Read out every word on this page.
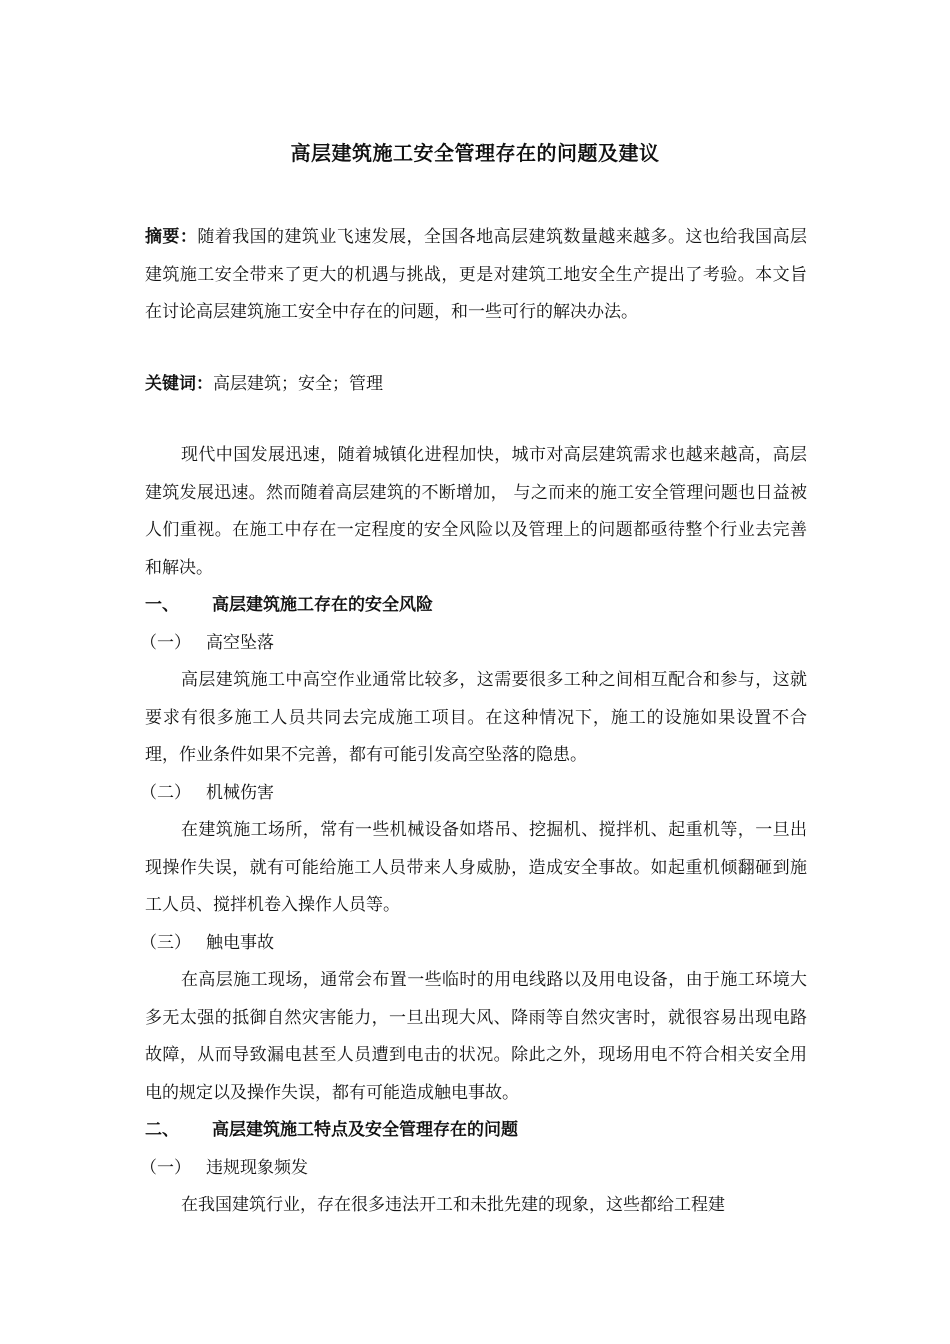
高层建筑施工安全管理存在的问题及建议
摘要：随着我国的建筑业飞速发展，全国各地高层建筑数量越来越多。这也给我国高层建筑施工安全带来了更大的机遇与挑战，更是对建筑工地安全生产提出了考验。本文旨在讨论高层建筑施工安全中存在的问题，和一些可行的解决办法。
关键词：高层建筑；安全；管理

现代中国发展迅速，随着城镇化进程加快，城市对高层建筑需求也越来越高，高层建筑发展迅速。然而随着高层建筑的不断增加， 与之而来的施工安全管理问题也日益被人们重视。在施工中存在一定程度的安全风险以及管理上的问题都亟待整个行业去完善和解决。

一、 高层建筑施工存在的安全风险

（一） 高空坠落

高层建筑施工中高空作业通常比较多，这需要很多工种之间相互配合和参与，这就要求有很多施工人员共同去完成施工项目。在这种情况下，施工的设施如果设置不合理，作业条件如果不完善，都有可能引发高空坠落的隐患。

（二） 机械伤害

在建筑施工场所，常有一些机械设备如塔吊、挖掘机、搅拌机、起重机等，一旦出现操作失误，就有可能给施工人员带来人身威胁，造成安全事故。如起重机倾翻砸到施工人员、搅拌机卷入操作人员等。

（三） 触电事故

在高层施工现场，通常会布置一些临时的用电线路以及用电设备，由于施工环境大多无太强的抵御自然灾害能力，一旦出现大风、降雨等自然灾害时，就很容易出现电路故障，从而导致漏电甚至人员遭到电击的状况。除此之外，现场用电不符合相关安全用电的规定以及操作失误，都有可能造成触电事故。

二、 高层建筑施工特点及安全管理存在的问题

（一） 违规现象频发

在我国建筑行业，存在很多违法开工和未批先建的现象，这些都给工程建
